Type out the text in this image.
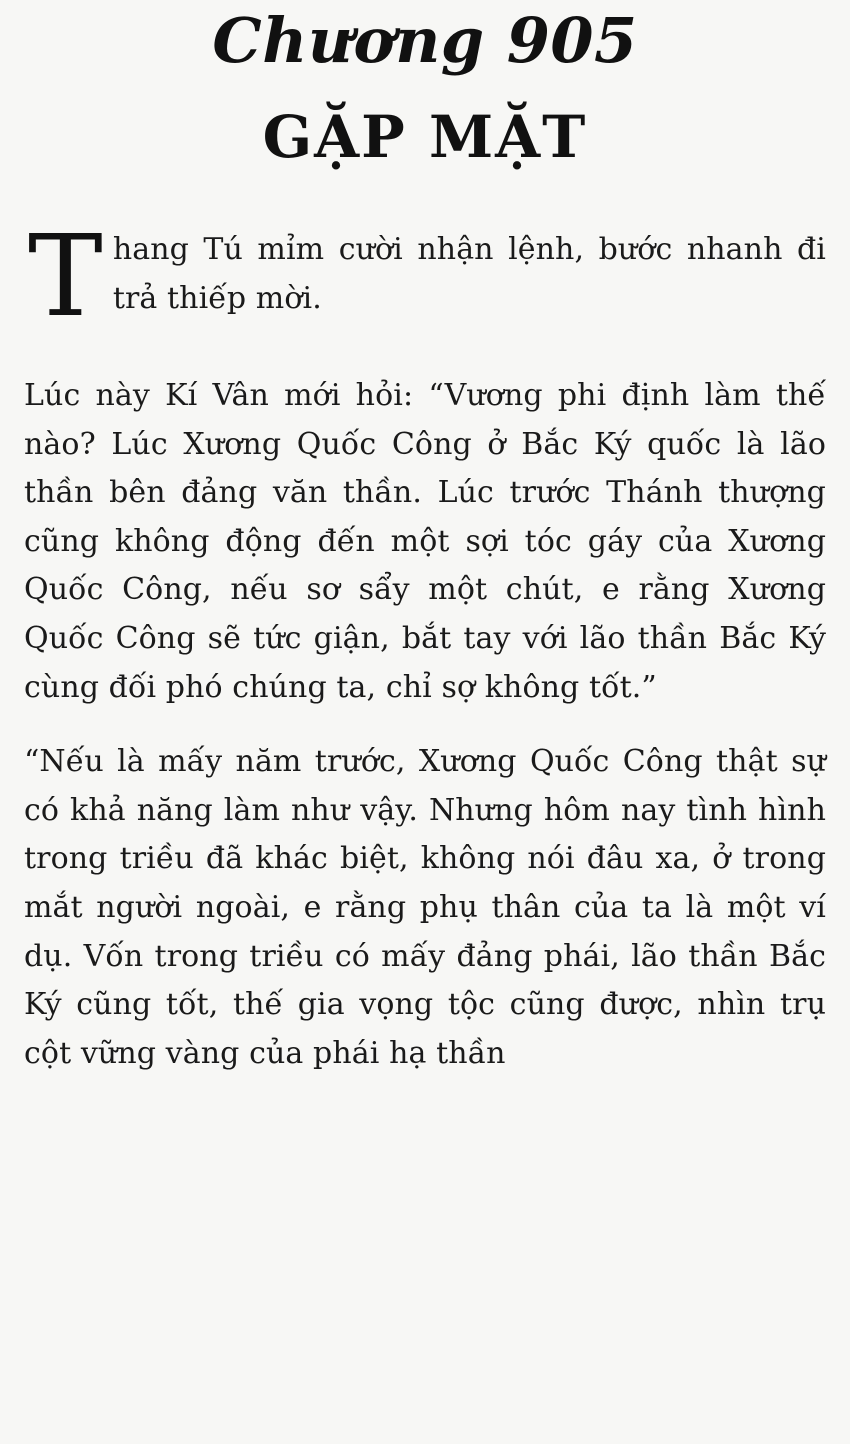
Chương 905
GẶP MẶT

T hang Tú mỉm cười nhận lệnh, bước nhanh đi trả thiếp mời.

Lúc này Kí Vân mới hỏi: “Vương phi định làm thế nào? Lúc Xương Quốc Công ở Bắc Ký quốc là lão thần bên đảng văn thần. Lúc trước Thánh thượng cũng không động đến một sợi tóc gáy của Xương Quốc Công, nếu sơ sẩy một chút, e rằng Xương Quốc Công sẽ tức giận, bắt tay với lão thần Bắc Ký cùng đối phó chúng ta, chỉ sợ không tốt.”

“Nếu là mấy năm trước, Xương Quốc Công thật sự có khả năng làm như vậy. Nhưng hôm nay tình hình trong triều đã khác biệt, không nói đâu xa, ở trong mắt người ngoài, e rằng phụ thân của ta là một ví dụ. Vốn trong triều có mấy đảng phái, lão thần Bắc Ký cũng tốt, thế gia vọng tộc cũng được, nhìn trụ cột vững vàng của phái hạ thần
